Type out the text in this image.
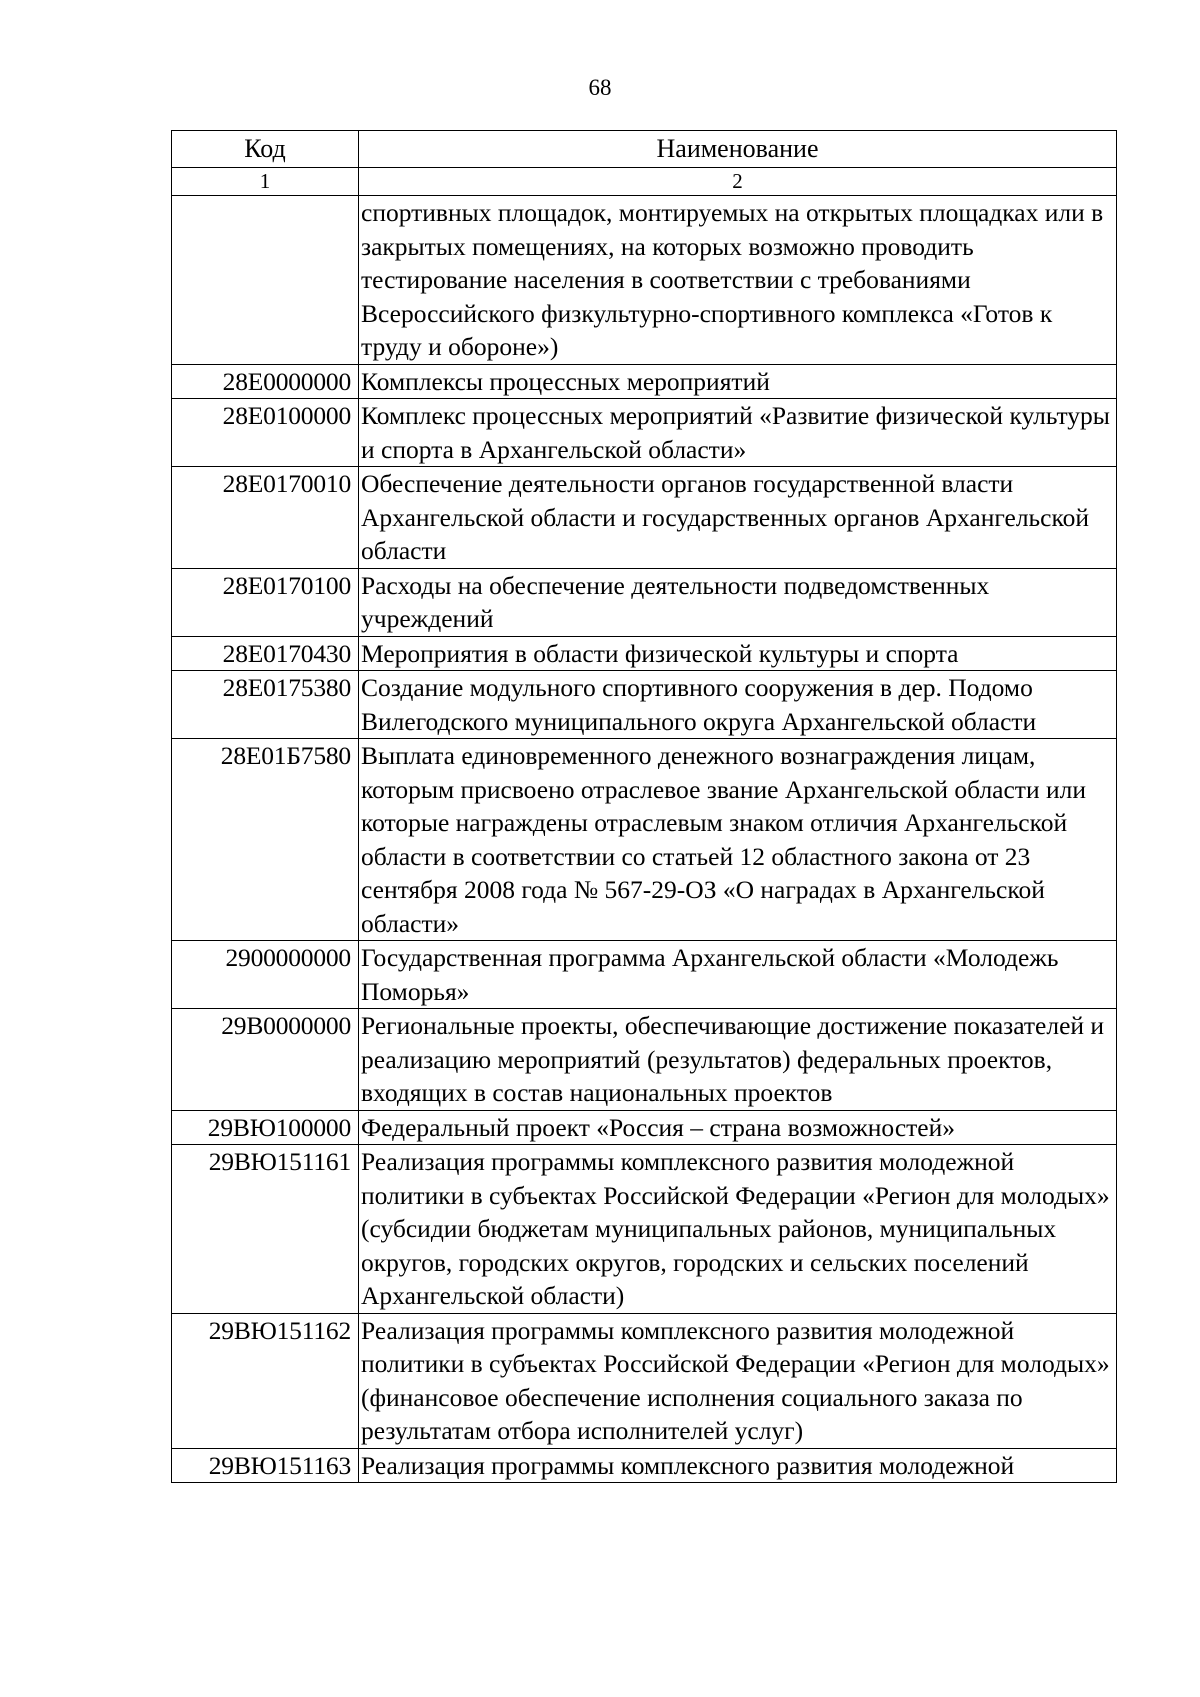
68
Код	Наименование
1	2
	спортивных площадок, монтируемых на открытых площадках или в закрытых помещениях, на которых возможно проводить тестирование населения в соответствии с требованиями Всероссийского физкультурно-спортивного комплекса «Готов к труду и обороне»)
28Е0000000	Комплексы процессных мероприятий
28Е0100000	Комплекс процессных мероприятий «Развитие физической культуры и спорта в Архангельской области»
28Е0170010	Обеспечение деятельности органов государственной власти Архангельской области и государственных органов Архангельской области
28Е0170100	Расходы на обеспечение деятельности подведомственных учреждений
28Е0170430	Мероприятия в области физической культуры и спорта
28Е0175380	Создание модульного спортивного сооружения в дер. Подомо Вилегодского муниципального округа Архангельской области
28Е01Б7580	Выплата единовременного денежного вознаграждения лицам, которым присвоено отраслевое звание Архангельской области или которые награждены отраслевым знаком отличия Архангельской области в соответствии со статьей 12 областного закона от 23 сентября 2008 года № 567-29-ОЗ «О наградах в Архангельской области»
2900000000	Государственная программа Архангельской области «Молодежь Поморья»
29В0000000	Региональные проекты, обеспечивающие достижение показателей и реализацию мероприятий (результатов) федеральных проектов, входящих в состав национальных проектов
29ВЮ100000	Федеральный проект «Россия – страна возможностей»
29ВЮ151161	Реализация программы комплексного развития молодежной политики в субъектах Российской Федерации «Регион для молодых» (субсидии бюджетам муниципальных районов, муниципальных округов, городских округов, городских и сельских поселений Архангельской области)
29ВЮ151162	Реализация программы комплексного развития молодежной политики в субъектах Российской Федерации «Регион для молодых» (финансовое обеспечение исполнения социального заказа по результатам отбора исполнителей услуг)
29ВЮ151163	Реализация программы комплексного развития молодежной
